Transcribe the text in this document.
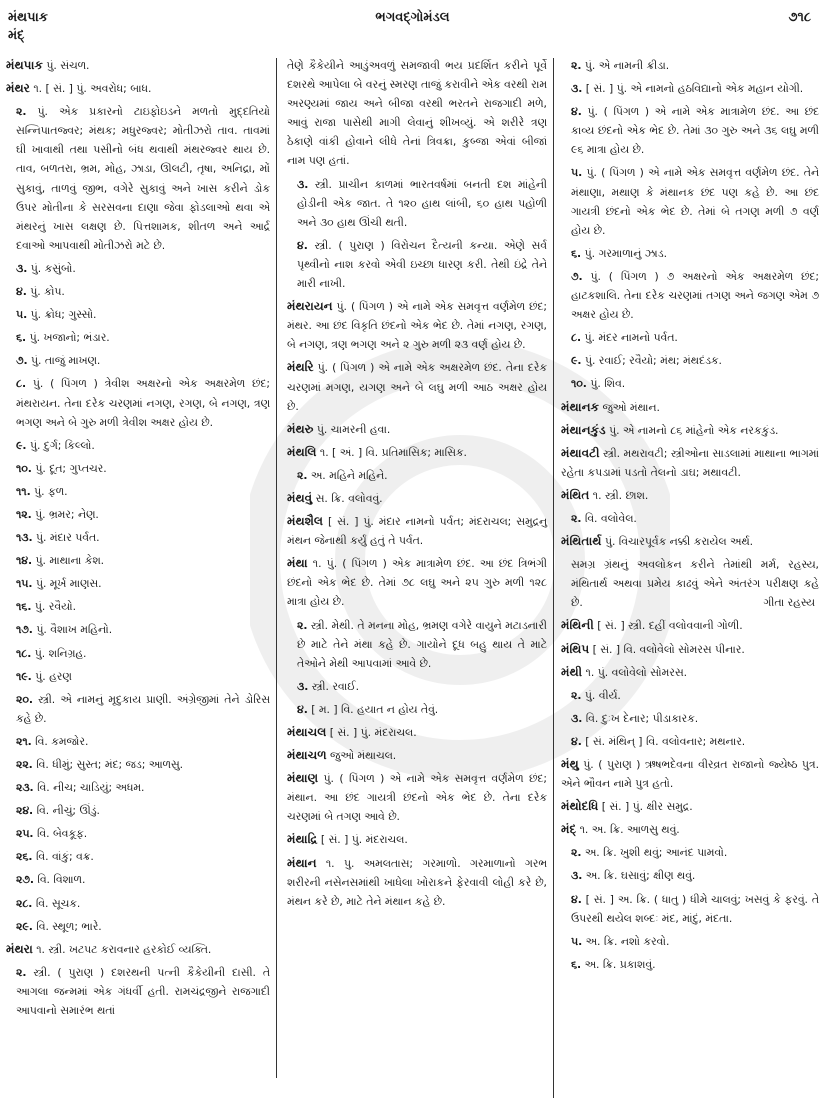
મંથપાક
મંદ્
ભગવદ્ગોમંડલ	૭૧૮
મંથપાક પું. સંચળ.
મંથર ૧. [ સં. ] પું. અવરોધ; બાધ.
૨. પું. એક પ્રકારનો ટાઇફોઇડને મળતો મુદ્દતિયો સન્નિપાતજ્વર; મંથક; મધુરજ્વર; મોતીઝરો તાવ. તાવમાં ઘી ખાવાથી તથા પસીનો બંધ થવાથી મંથરજ્વર થાય છે. તાવ, બળતરા, ભ્રમ, મોહ, ઝાડા, ઊલટી, તૃષા, અનિદ્રા, મોં સુકાવું, તાળવું જીભ, વગેરે સુકાવું અને ખાસ કરીને ડોક ઉપર મોતીના કે સરસવના દાણા જેવા ફોડલાઓ થવા એ મંથરનું ખાસ લક્ષણ છે. પિત્તશામક, શીતળ અને આર્દ્ર દવાઓ આપવાથી મોતીઝરો મટે છે.
૩. પું. કસુંબો.
૪. પું. કોપ.
૫. પું. ક્રોધ; ગુસ્સો.
૬. પું. ખજાનો; ભંડાર.
૭. પું. તાજું માખણ.
૮. પું. ( પિંગળ ) ત્રેવીશ અક્ષરનો એક અક્ષરમેળ છંદ; મંથરાયન. તેના દરેક ચરણમાં નગણ, રગણ, બે નગણ, ત્રણ ભગણ અને બે ગુરુ મળી ત્રેવીશ અક્ષર હોય છે.
૯. પું. દુર્ગ; કિલ્લો.
૧૦. પું. દૂત; ગુપ્તચર.
૧૧. પું. ફળ.
૧૨. પું. ભ્રમર; નેણ.
૧૩. પું. મંદાર પર્વત.
૧૪. પું. માથાના કેશ.
૧૫. પું. મૂર્ખ માણસ.
૧૬. પું. રવૈયો.
૧૭. પું. વૈશાખ મહિનો.
૧૮. પું. શનિગ્રહ.
૧૯. પું. હરણ
૨૦. સ્ત્રી. એ નામનું મૃદુકાય પ્રાણી. અંગ્રેજીમાં તેને ડોરિસ કહે છે.
૨૧. વિ. કમજોર.
૨૨. વિ. ધીમું; સુસ્ત; મંદ; જડ; આળસુ.
૨૩. વિ. નીચ; ચાડિયું; અધમ.
૨૪. વિ. નીચું; ઊંડું.
૨૫. વિ. બેવકૂફ.
૨૬. વિ. વાંકું; વક્ર.
૨૭. વિ. વિશાળ.
૨૮. વિ. સૂચક.
૨૯. વિ. સ્થૂળ; ભારે.
મંથરા ૧. સ્ત્રી. ખટપટ કરાવનાર હરકોઈ વ્યક્તિ.
૨. સ્ત્રી. ( પુરાણ ) દશરથની પત્ની કૈકેયીની દાસી. તે આગલા જન્મમાં એક ગંધર્વી હતી. રામચંદ્રજીને રાજગાદી આપવાનો સમારંભ થતાં
તેણે કૈકેયીને આડુંઅવળું સમજાવી ભય પ્રદર્શિત કરીને પૂર્વે દશરથે આપેલા બે વરનું સ્મરણ તાજું કરાવીને એક વરથી રામ અરણ્યમાં જાય અને બીજા વરથી ભરતને રાજગાદી મળે, આવું રાજા પાસેથી માગી લેવાનું શીખવ્યું. એ શરીરે ત્રણ ઠેકાણે વાંકી હોવાને લીધે તેનાં ત્રિવક્રા, કુબ્જા એવાં બીજાં નામ પણ હતાં.
૩. સ્ત્રી. પ્રાચીન કાળમાં ભારતવર્ષમાં બનતી દશ માંહેની હોડીની એક જાત. તે ૧૨૦ હાથ લાંબી, ૬૦ હાથ પહોળી અને ૩૦ હાથ ઊંચી થતી.
૪. સ્ત્રી. ( પુરાણ ) વિરોચન દૈત્યની કન્યા. એણે સર્વ પૃથ્વીનો નાશ કરવો એવી ઇચ્છા ધારણ કરી. તેથી ઇંદ્રે તેને મારી નાખી.
મંથરાયન પું. ( પિંગળ ) એ નામે એક સમવૃત્ત વર્ણમેળ છંદ; મંથર. આ છંદ વિકૃતિ છંદનો એક ભેદ છે. તેમાં નગણ, રગણ, બે નગણ, ત્રણ ભગણ અને ૨ ગુરુ મળી ૨૩ વર્ણ હોય છે.
મંથરિ પું. ( પિંગળ ) એ નામે એક અક્ષરમેળ છંદ. તેના દરેક ચરણમાં મગણ, યગણ અને બે લઘુ મળી આઠ અક્ષર હોય છે.
મંથરુ પું. ચામરની હવા.
મંથલિ ૧. [ અં. ] વિ. પ્રતિમાસિક; માસિક.
૨. અ. મહિને મહિને.
મંથવું સ. ક્રિ. વલોવવું.
મંથશૈલ [ સં. ] પું. મંદાર નામનો પર્વત; મંદરાચલ; સમુદ્રનુ મંથન જેનાથી કર્યું હતું તે પર્વત.
મંથા ૧. પું. ( પિંગળ ) એક માત્રામેળ છંદ. આ છંદ ત્રિભંગી છંદનો એક ભેદ છે. તેમાં ૭૮ લઘુ અને ૨૫ ગુરુ મળી ૧૨૮ માત્રા હોય છે.
૨. સ્ત્રી. મેથી. તે મનના મોહ, ભ્રમણ વગેરે વાયુને મટાડનારી છે માટે તેને મંથા કહે છે. ગાયોને દૂધ બહુ થાય તે માટે તેઓને મેથી આપવામાં આવે છે.
૩. સ્ત્રી. રવાઈ.
૪. [ મ. ] વિ. હયાત ન હોય તેવું.
મંથાચલ [ સં. ] પું. મંદરાચલ.
મંથાચળ જુઓ મંથાચલ.
મંથાણ પું. ( પિંગળ ) એ નામે એક સમવૃત્ત વર્ણમેળ છંદ; મંથાન. આ છંદ ગાયત્રી છંદનો એક ભેદ છે. તેના દરેક ચરણમાં બે તગણ આવે છે.
મંથાદ્રિ [ સં. ] પું. મંદરાચલ.
મંથાન ૧. પુ. અમલતાસ; ગરમાળો. ગરમાળાનો ગરભ શરીરની નસેનસમાંથી ખાધેલા ખોરાકને ફેરવાવી લોહી કરે છે, મંથન કરે છે, માટે તેને મંથાન કહે છે.
૨. પું. એ નામની ક્રીડા.
૩. [ સં. ] પું. એ નામનો હઠવિદ્યાનો એક મહાન યોગી.
૪. પું. ( પિંગળ ) એ નામે એક માત્રામેળ છંદ. આ છંદ કાવ્ય છંદનો એક ભેદ છે. તેમાં ૩૦ ગુરુ અને ૩૬ લઘુ મળી ૯૬ માત્રા હોય છે.
૫. પું. ( પિંગળ ) એ નામે એક સમવૃત્ત વર્ણમેળ છંદ. તેને મંથાણા, મથાણ કે મંથાનક છંદ પણ કહે છે. આ છંદ ગાયત્રી છંદનો એક ભેદ છે. તેમાં બે તગણ મળી ૭ વર્ણ હોય છે.
૬. પું. ગરમાળાનું ઝાડ.
૭. પું. ( પિંગળ ) ૭ અક્ષરનો એક અક્ષરમેળ છંદ; હાટકશાલિ. તેના દરેક ચરણમાં તગણ અને જગણ એમ ૭ અક્ષર હોય છે.
૮. પું. મંદર નામનો પર્વત.
૯. પું. રવાઈ; રવૈયો; મંથ; મંથદંડક.
૧૦. પું. શિવ.
મંથાનક જુઓ મંથાન.
મંથાનકુંડ પું. એ નામનો ૮૬ માંહેનો એક નરકકુંડ.
મંથાવટી સ્ત્રી. મથરાવટી; સ્ત્રીઓના સાડલામાં માથાના ભાગમાં રહેતા કપડામાં પડતો તેલનો ડાઘ; મથાવટી.
મંથિત ૧. સ્ત્રી. છાશ.
૨. વિ. વલોવેલ.
મંથિતાર્થ પું. વિચારપૂર્વક નક્કી કરાયેલ અર્થ.
સમગ્ર ગ્રંથનું અવલોકન કરીને તેમાંથી મર્મ, રહસ્ય, મંથિતાર્થ અથવા પ્રમેય કાઢવું એને અંતરંગ પરીક્ષણ કહે છે.	ગીતા રહસ્ય
મંથિની [ સં. ] સ્ત્રી. દહીં વલોવવાની ગોળી.
મંથિપ [ સં. ] વિ. વલોવેલો સોમરસ પીનાર.
મંથી ૧. પું. વલોવેલો સોમરસ.
૨. પું. વીર્ય.
૩. વિ. દુઃખ દેનાર; પીડાકારક.
૪. [ સં. મંથિન્ ] વિ. વલોવનાર; મથનાર.
મંથુ પું. ( પુરાણ ) ઋષભદેવના વીરવ્રત રાજાનો જ્યેષ્ઠ પુત્ર. એને ભૌવન નામે પુત્ર હતો.
મંથોદધિ [ સં. ] પું. ક્ષીર સમુદ્ર.
મંદ્ ૧. અ. ક્રિ. આળસુ થવું.
૨. અ. ક્રિ. ખુશી થવું; આનંદ પામવો.
૩. અ. ક્રિ. ઘસાવું; ક્ષીણ થવું.
૪. [ સં. ] અ. ક્રિ. ( ધાતુ ) ધીમે ચાલવું; ખસવું કે ફરવું. તે ઉપરથી થયેલ શબ્દઃ મંદ, માંદું, મંદતા.
૫. અ. ક્રિ. નશો કરવો.
૬. અ. ક્રિ. પ્રકાશવું.
